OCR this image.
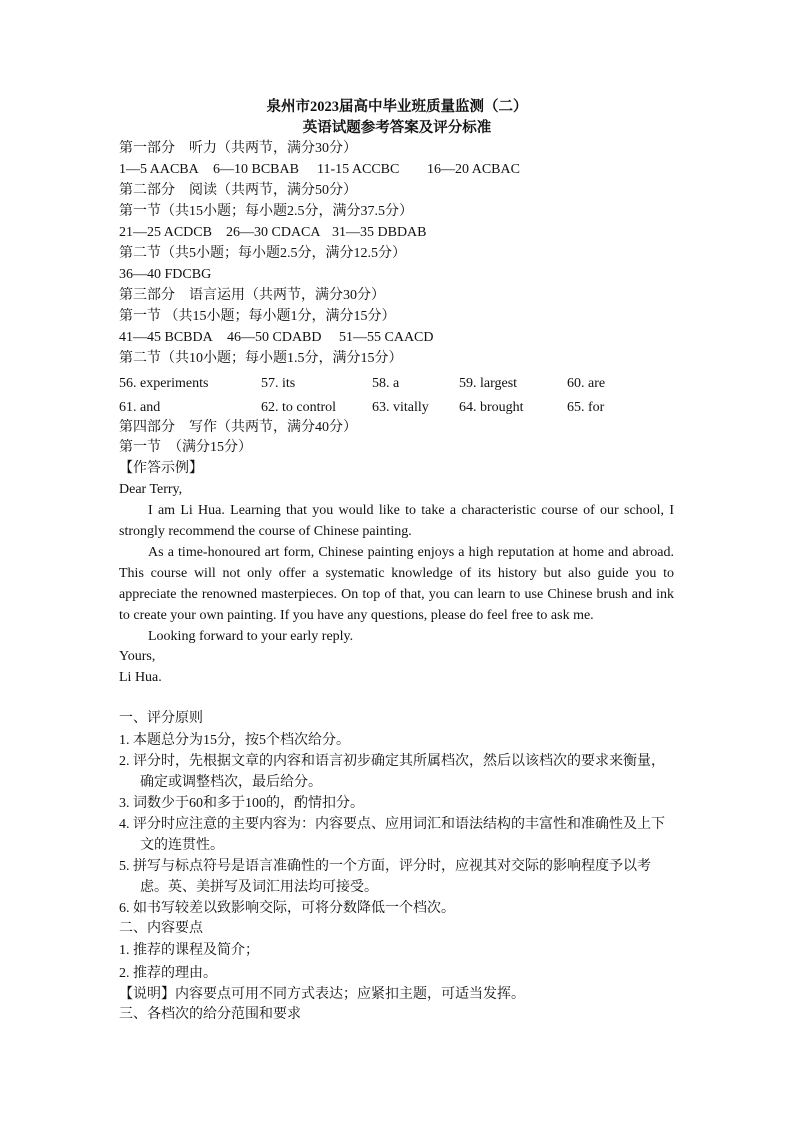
泉州市2023届高中毕业班质量监测（二）
英语试题参考答案及评分标准
第一部分　听力（共两节，满分30分）
1—5 AACBA 6—10 BCBAB 11-15 ACCBC 16—20 ACBAC
第二部分　阅读（共两节，满分50分）
第一节（共15小题；每小题2.5分，满分37.5分）
21—25 ACDCB 26—30 CDACA 31—35 DBDAB
第二节（共5小题；每小题2.5分，满分12.5分）
36—40 FDCBG
第三部分　语言运用（共两节，满分30分）
第一节 （共15小题；每小题1分，满分15分）
41—45 BCBDA 46—50 CDABD 51—55 CAACD
第二节（共10小题；每小题1.5分，满分15分）
56. experiments	57. its	58. a	59. largest	60. are
61. and	62. to control	63. vitally 64. brought	65. for
第四部分　写作（共两节，满分40分）
第一节　（满分15分）
【作答示例】
Dear Terry,
I am Li Hua. Learning that you would like to take a characteristic course of our school, I strongly recommend the course of Chinese painting.
As a time-honoured art form, Chinese painting enjoys a high reputation at home and abroad. This course will not only offer a systematic knowledge of its history but also guide you to appreciate the renowned masterpieces. On top of that, you can learn to use Chinese brush and ink to create your own painting. If you have any questions, please do feel free to ask me.
Looking forward to your early reply.
Yours,
Li Hua.
一、评分原则
1. 本题总分为15分，按5个档次给分。
2. 评分时，先根据文章的内容和语言初步确定其所属档次，然后以该档次的要求来衡量，确定或调整档次，最后给分。
3. 词数少于60和多于100的，酌情扣分。
4. 评分时应注意的主要内容为：内容要点、应用词汇和语法结构的丰富性和准确性及上下文的连贯性。
5. 拼写与标点符号是语言准确性的一个方面，评分时，应视其对交际的影响程度予以考虑。英、美拼写及词汇用法均可接受。
6. 如书写较差以致影响交际，可将分数降低一个档次。
二、内容要点
1. 推荐的课程及简介；
2. 推荐的理由。
【说明】内容要点可用不同方式表达；应紧扣主题，可适当发挥。
三、各档次的给分范围和要求
